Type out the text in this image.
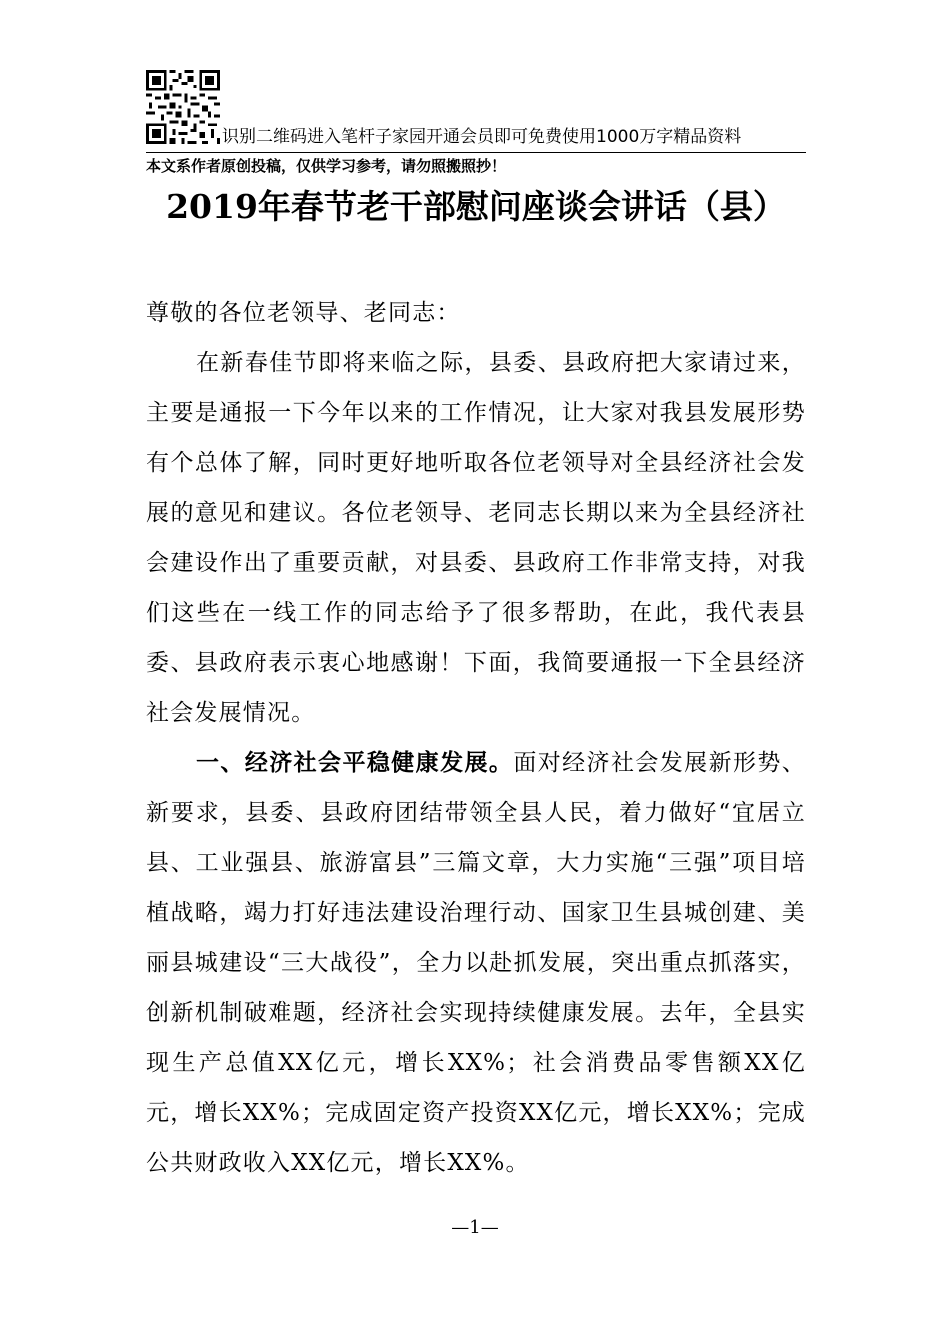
识别二维码进入笔杆子家园开通会员即可免费使用1000万字精品资料
本文系作者原创投稿，仅供学习参考，请勿照搬照抄！
2019年春节老干部慰问座谈会讲话（县）

尊敬的各位老领导、老同志：

在新春佳节即将来临之际，县委、县政府把大家请过来，主要是通报一下今年以来的工作情况，让大家对我县发展形势有个总体了解，同时更好地听取各位老领导对全县经济社会发展的意见和建议。各位老领导、老同志长期以来为全县经济社会建设作出了重要贡献，对县委、县政府工作非常支持，对我们这些在一线工作的同志给予了很多帮助，在此，我代表县委、县政府表示衷心地感谢！下面，我简要通报一下全县经济社会发展情况。

一、经济社会平稳健康发展。面对经济社会发展新形势、新要求，县委、县政府团结带领全县人民，着力做好“宜居立县、工业强县、旅游富县”三篇文章，大力实施“三强”项目培植战略，竭力打好违法建设治理行动、国家卫生县城创建、美丽县城建设“三大战役”，全力以赴抓发展，突出重点抓落实，创新机制破难题，经济社会实现持续健康发展。去年，全县实现生产总值XX亿元，增长XX%；社会消费品零售额XX亿元，增长XX%；完成固定资产投资XX亿元，增长XX%；完成公共财政收入XX亿元，增长XX%。

—1—
